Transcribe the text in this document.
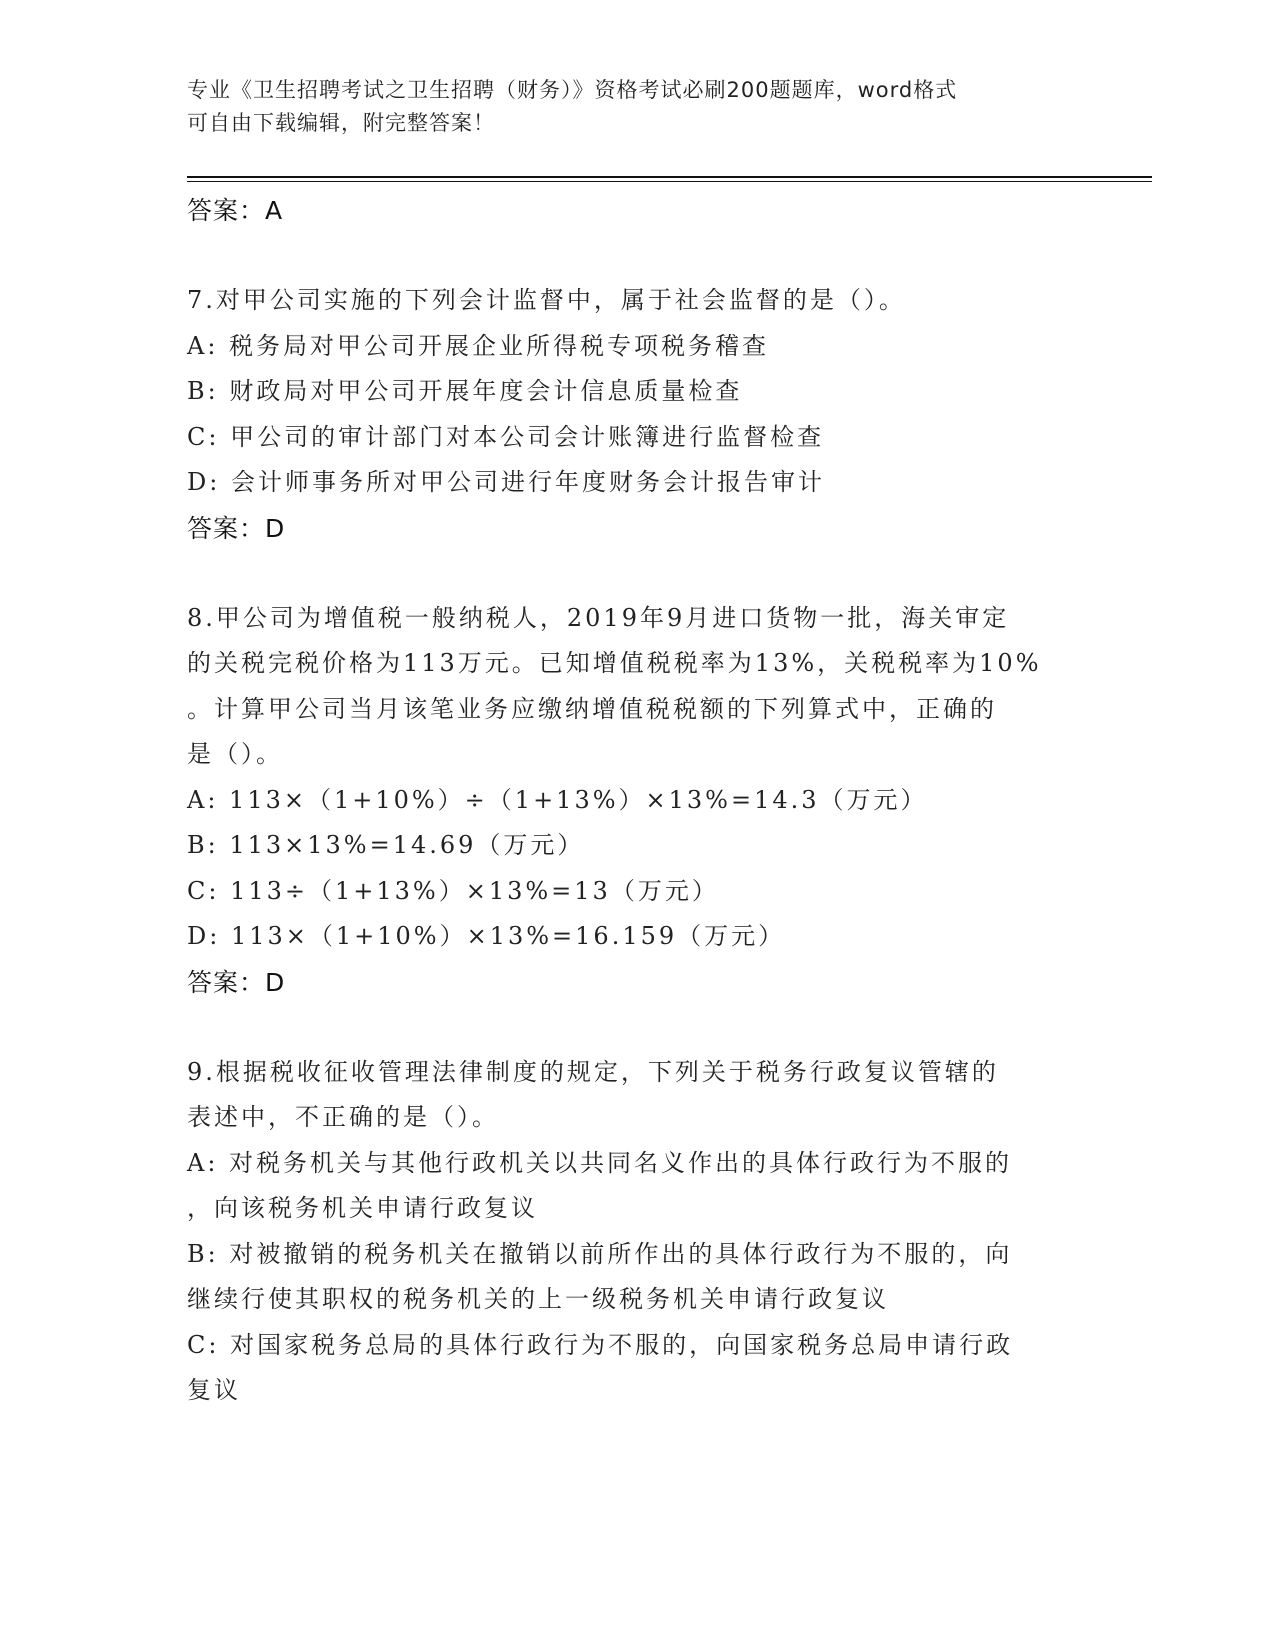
专业《卫生招聘考试之卫生招聘（财务）》资格考试必刷200题题库，word格式
可自由下载编辑，附完整答案！
答案：A
7.对甲公司实施的下列会计监督中，属于社会监督的是（）。
A: 税务局对甲公司开展企业所得税专项税务稽查
B: 财政局对甲公司开展年度会计信息质量检查
C: 甲公司的审计部门对本公司会计账簿进行监督检查
D: 会计师事务所对甲公司进行年度财务会计报告审计
答案：D
8.甲公司为增值税一般纳税人，2019年9月进口货物一批，海关审定
的关税完税价格为113万元。已知增值税税率为13%，关税税率为10%
。计算甲公司当月该笔业务应缴纳增值税税额的下列算式中，正确的
是（）。
A: 113×（1+10%）÷（1+13%）×13%=14.3（万元）
B: 113×13%=14.69（万元）
C: 113÷（1+13%）×13%=13（万元）
D: 113×（1+10%）×13%=16.159（万元）
答案：D
9.根据税收征收管理法律制度的规定，下列关于税务行政复议管辖的
表述中，不正确的是（）。
A: 对税务机关与其他行政机关以共同名义作出的具体行政行为不服的
，向该税务机关申请行政复议
B: 对被撤销的税务机关在撤销以前所作出的具体行政行为不服的，向
继续行使其职权的税务机关的上一级税务机关申请行政复议
C: 对国家税务总局的具体行政行为不服的，向国家税务总局申请行政
复议
